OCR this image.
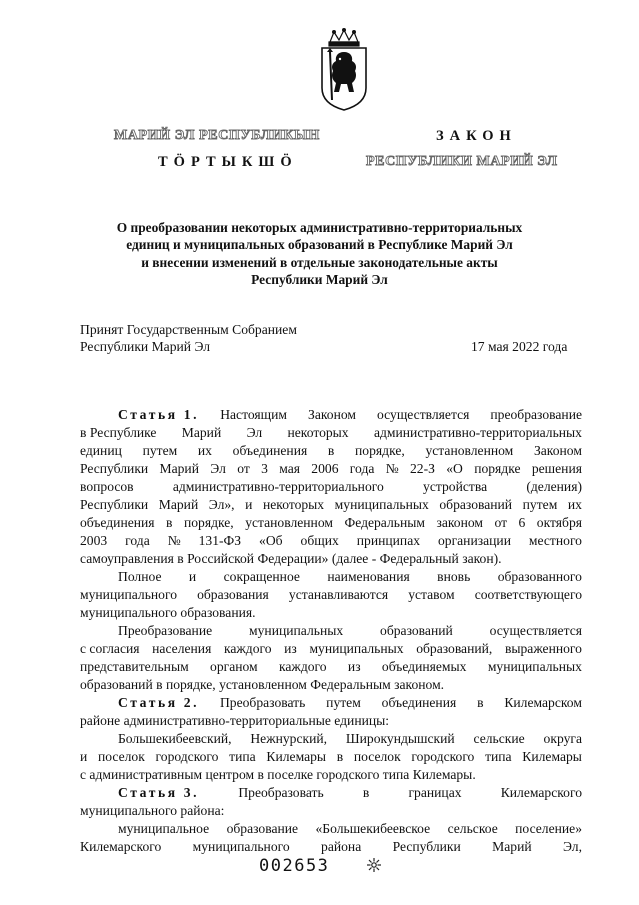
МАРИЙ ЭЛ РЕСПУБЛИКЫН
ТӦРТЫКШӦ
ЗАКОН
РЕСПУБЛИКИ МАРИЙ ЭЛ
О преобразовании некоторых административно-территориальных
единиц и муниципальных образований в Республике Марий Эл
и внесении изменений в отдельные законодательные акты
Республики Марий Эл
Принят Государственным Собранием
Республики Марий Эл	17 мая 2022 года
Статья 1. Настоящим Законом осуществляется преобразование
в Республике Марий Эл некоторых административно-территориальных
единиц путем их объединения в порядке, установленном Законом
Республики Марий Эл от 3 мая 2006 года № 22-З «О порядке решения
вопросов	административно-территориального	устройства	(деления)
Республики Марий Эл», и некоторых муниципальных образований путем их
объединения в порядке, установленном Федеральным законом от 6 октября
2003 года № 131-ФЗ «Об общих принципах организации местного
самоуправления в Российской Федерации» (далее - Федеральный закон).
Полное и сокращенное наименования вновь образованного
муниципального образования устанавливаются уставом соответствующего
муниципального образования.
Преобразование	муниципальных	образований	осуществляется
с согласия населения каждого из муниципальных образований, выраженного
представительным органом каждого из объединяемых муниципальных
образований в порядке, установленном Федеральным законом.
Статья 2. Преобразовать путем объединения в Килемарском
районе административно-территориальные единицы:
Большекибеевский, Нежнурский, Широкундышский сельские округа
и поселок городского типа Килемары в поселок городского типа Килемары
с административным центром в поселке городского типа Килемары.
Статья 3.	Преобразовать	в	границах	Килемарского
муниципального района:
муниципальное образование «Большекибеевское сельское поселение»
Килемарского муниципального района Республики Марий Эл,
002653
